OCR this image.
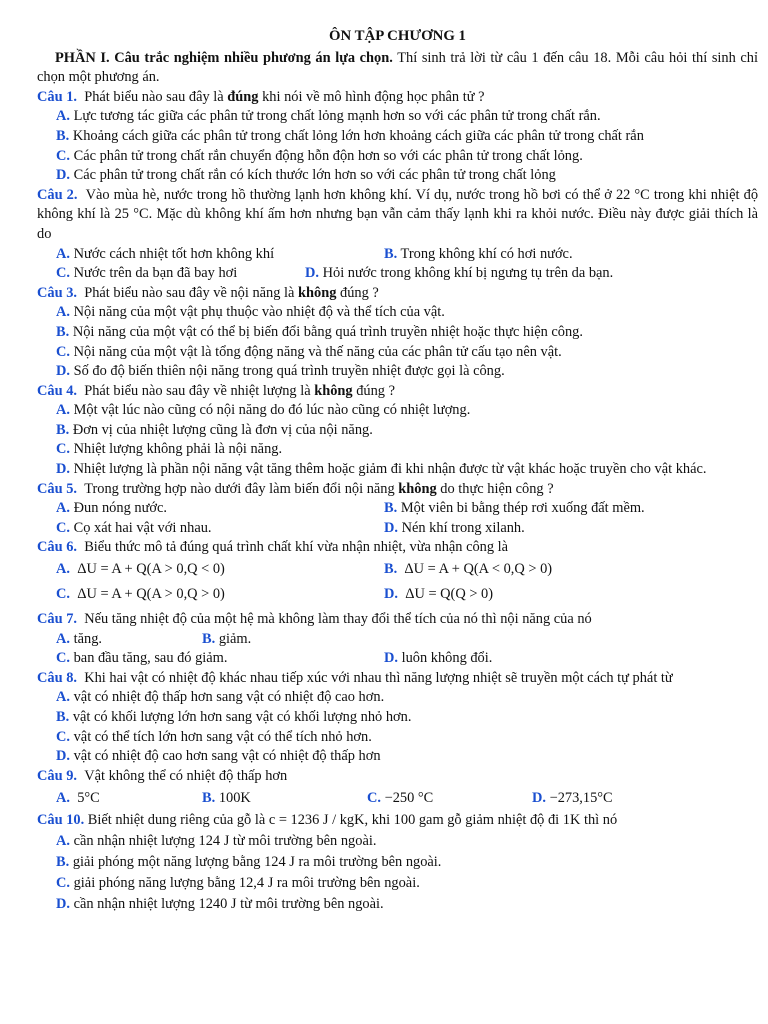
ÔN TẬP CHƯƠNG 1
PHẦN I. Câu trắc nghiệm nhiều phương án lựa chọn. Thí sinh trả lời từ câu 1 đến câu 18. Mỗi câu hỏi thí sinh chỉ chọn một phương án.
Câu 1. Phát biểu nào sau đây là đúng khi nói về mô hình động học phân tử ?
A. Lực tương tác giữa các phân tử trong chất lỏng mạnh hơn so với các phân tử trong chất rắn.
B. Khoảng cách giữa các phân tử trong chất lỏng lớn hơn khoảng cách giữa các phân tử trong chất rắn
C. Các phân tử trong chất rắn chuyển động hỗn độn hơn so với các phân tử trong chất lỏng.
D. Các phân tử trong chất rắn có kích thước lớn hơn so với các phân tử trong chất lỏng
Câu 2. Vào mùa hè, nước trong hồ thường lạnh hơn không khí. Ví dụ, nước trong hồ bơi có thể ở 22 °C trong khi nhiệt độ không khí là 25 °C. Mặc dù không khí ấm hơn nhưng bạn vẫn cảm thấy lạnh khi ra khỏi nước. Điều này được giải thích là do
A. Nước cách nhiệt tốt hơn không khí	B. Trong không khí có hơi nước.
C. Nước trên da bạn đã bay hơi	D. Hỏi nước trong không khí bị ngưng tụ trên da bạn.
Câu 3. Phát biểu nào sau đây về nội năng là không đúng ?
A. Nội năng của một vật phụ thuộc vào nhiệt độ và thể tích của vật.
B. Nội năng của một vật có thể bị biến đổi bằng quá trình truyền nhiệt hoặc thực hiện công.
C. Nội năng của một vật là tổng động năng và thế năng của các phân tử cấu tạo nên vật.
D. Số đo độ biến thiên nội năng trong quá trình truyền nhiệt được gọi là công.
Câu 4. Phát biểu nào sau đây về nhiệt lượng là không đúng ?
A. Một vật lúc nào cũng có nội năng do đó lúc nào cũng có nhiệt lượng.
B. Đơn vị của nhiệt lượng cũng là đơn vị của nội năng.
C. Nhiệt lượng không phải là nội năng.
D. Nhiệt lượng là phần nội năng vật tăng thêm hoặc giảm đi khi nhận được từ vật khác hoặc truyền cho vật khác.
Câu 5. Trong trường hợp nào dưới đây làm biến đổi nội năng không do thực hiện công ?
A. Đun nóng nước.	B. Một viên bi bằng thép rơi xuống đất mềm.
C. Cọ xát hai vật với nhau.	D. Nén khí trong xilanh.
Câu 6. Biểu thức mô tả đúng quá trình chất khí vừa nhận nhiệt, vừa nhận công là
A. ΔU = A + Q(A > 0,Q < 0)	B. ΔU = A + Q(A < 0,Q > 0)
C. ΔU = A + Q(A > 0,Q > 0)	D. ΔU = Q(Q > 0)
Câu 7. Nếu tăng nhiệt độ của một hệ mà không làm thay đổi thể tích của nó thì nội năng của nó
A. tăng.	B. giảm.
C. ban đầu tăng, sau đó giảm.	D. luôn không đổi.
Câu 8. Khi hai vật có nhiệt độ khác nhau tiếp xúc với nhau thì năng lượng nhiệt sẽ truyền một cách tự phát từ
A. vật có nhiệt độ thấp hơn sang vật có nhiệt độ cao hơn.
B. vật có khối lượng lớn hơn sang vật có khối lượng nhỏ hơn.
C. vật có thể tích lớn hơn sang vật có thể tích nhỏ hơn.
D. vật có nhiệt độ cao hơn sang vật có nhiệt độ thấp hơn
Câu 9. Vật không thể có nhiệt độ thấp hơn
A. 5°C	B. 100K	C. −250 °C	D. −273,15°C
Câu 10. Biết nhiệt dung riêng của gỗ là c = 1236 J / kgK, khi 100 gam gỗ giảm nhiệt độ đi 1K thì nó
A. cần nhận nhiệt lượng 124 J từ môi trường bên ngoài.
B. giải phóng một năng lượng bằng 124 J ra môi trường bên ngoài.
C. giải phóng năng lượng bằng 12,4 J ra môi trường bên ngoài.
D. cần nhận nhiệt lượng 1240 J từ môi trường bên ngoài.
